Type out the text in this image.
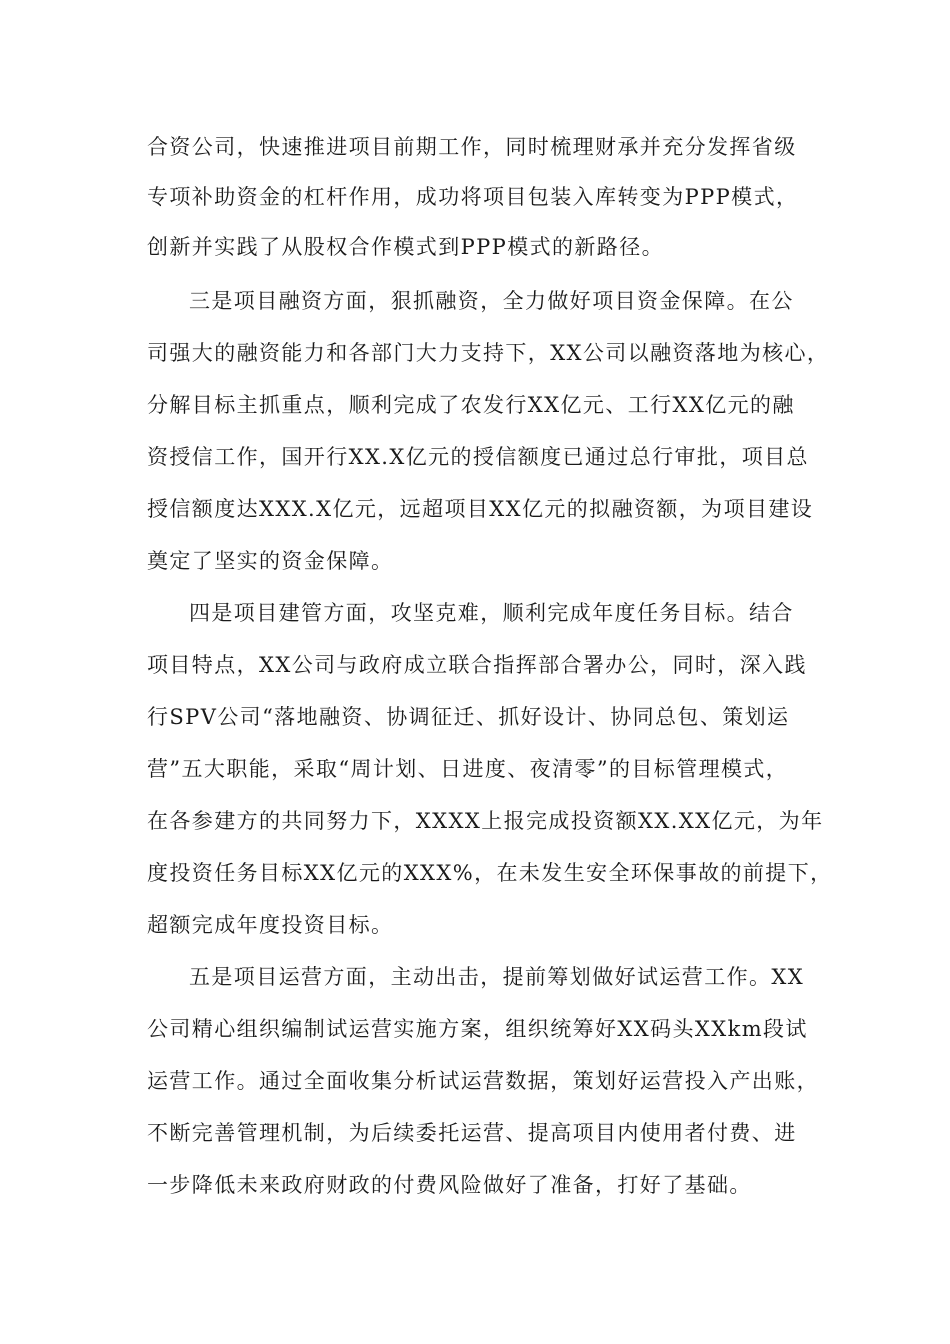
合资公司，快速推进项目前期工作，同时梳理财承并充分发挥省级
专项补助资金的杠杆作用，成功将项目包装入库转变为PPP模式，
创新并实践了从股权合作模式到PPP模式的新路径。
三是项目融资方面，狠抓融资，全力做好项目资金保障。在公
司强大的融资能力和各部门大力支持下，XX公司以融资落地为核心，
分解目标主抓重点，顺利完成了农发行XX亿元、工行XX亿元的融
资授信工作，国开行XX.X亿元的授信额度已通过总行审批，项目总
授信额度达XXX.X亿元，远超项目XX亿元的拟融资额，为项目建设
奠定了坚实的资金保障。
四是项目建管方面，攻坚克难，顺利完成年度任务目标。结合
项目特点，XX公司与政府成立联合指挥部合署办公，同时，深入践
行SPV公司“落地融资、协调征迁、抓好设计、协同总包、策划运
营”五大职能，采取“周计划、日进度、夜清零”的目标管理模式，
在各参建方的共同努力下，XXXX上报完成投资额XX.XX亿元，为年
度投资任务目标XX亿元的XXX%，在未发生安全环保事故的前提下，
超额完成年度投资目标。
五是项目运营方面，主动出击，提前筹划做好试运营工作。XX
公司精心组织编制试运营实施方案，组织统筹好XX码头XXkm段试
运营工作。通过全面收集分析试运营数据，策划好运营投入产出账，
不断完善管理机制，为后续委托运营、提高项目内使用者付费、进
一步降低未来政府财政的付费风险做好了准备，打好了基础。
